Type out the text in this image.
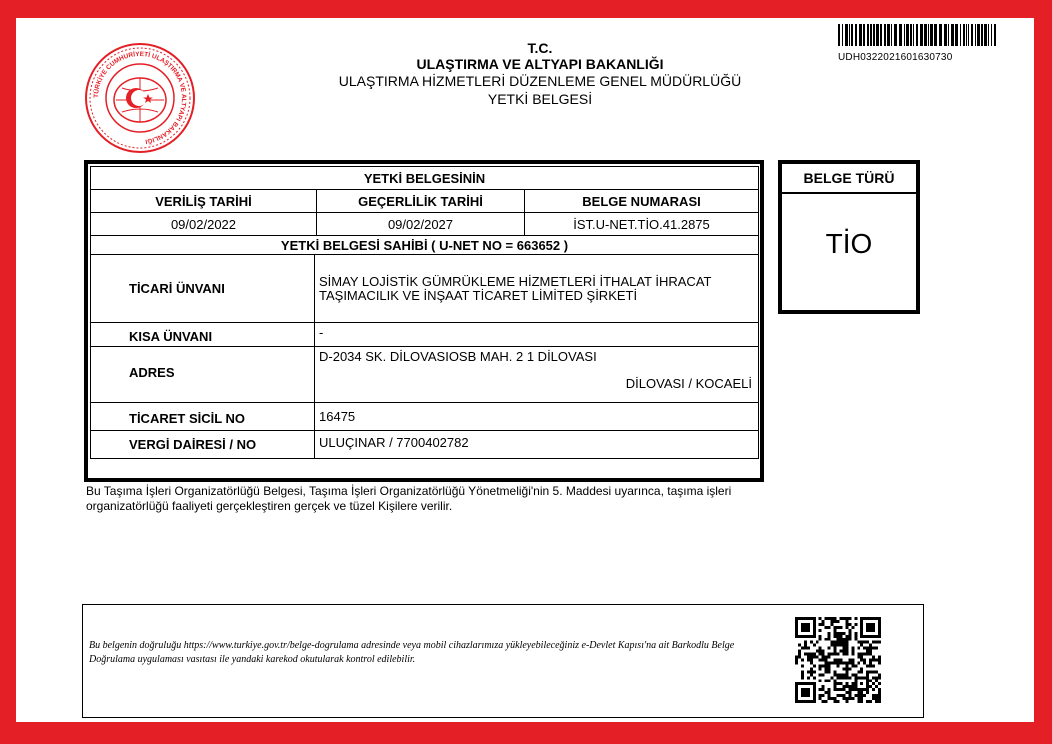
TÜRKİYE CUMHURİYETİ ULAŞTIRMA VE ALTYAPI BAKANLIĞI
T.C.
ULAŞTIRMA VE ALTYAPI BAKANLIĞI
ULAŞTIRMA HİZMETLERİ DÜZENLEME GENEL MÜDÜRLÜĞÜ
YETKİ BELGESİ
UDH0322021601630730
YETKİ BELGESİNİN		
VERİLİŞ TARİHİ	GEÇERLİLİK TARİHİ	BELGE NUMARASI
09/02/2022	09/02/2027	İST.U-NET.TİO.41.2875
YETKİ BELGESİ SAHİBİ ( U-NET NO = 663652 )		
TİCARİ ÜNVANI	SİMAY LOJİSTİK GÜMRÜKLEME HİZMETLERİ İTHALAT İHRACAT TAŞIMACILIK VE İNŞAAT TİCARET LİMİTED ŞİRKETİ
KISA ÜNVANI	-
ADRES	D-2034 SK. DİLOVASIOSB MAH. 2 1 DİLOVASI
DİLOVASI / KOCAELİ

TİCARET SİCİL NO	16475
VERGİ DAİRESİ / NO	ULUÇINAR / 7700402782
BELGE TÜRÜ
TİO
Bu Taşıma İşleri Organizatörlüğü Belgesi, Taşıma İşleri Organizatörlüğü Yönetmeliği'nin 5. Maddesi uyarınca, taşıma işleri organizatörlüğü faaliyeti gerçekleştiren gerçek ve tüzel Kişilere verilir.
Bu belgenin doğruluğu https://www.turkiye.gov.tr/belge-dogrulama adresinde veya mobil cihazlarımıza yükleyebileceğiniz e-Devlet Kapısı'na ait Barkodlu Belge Doğrulama uygulaması vasıtası ile yandaki karekod okutularak kontrol edilebilir.
